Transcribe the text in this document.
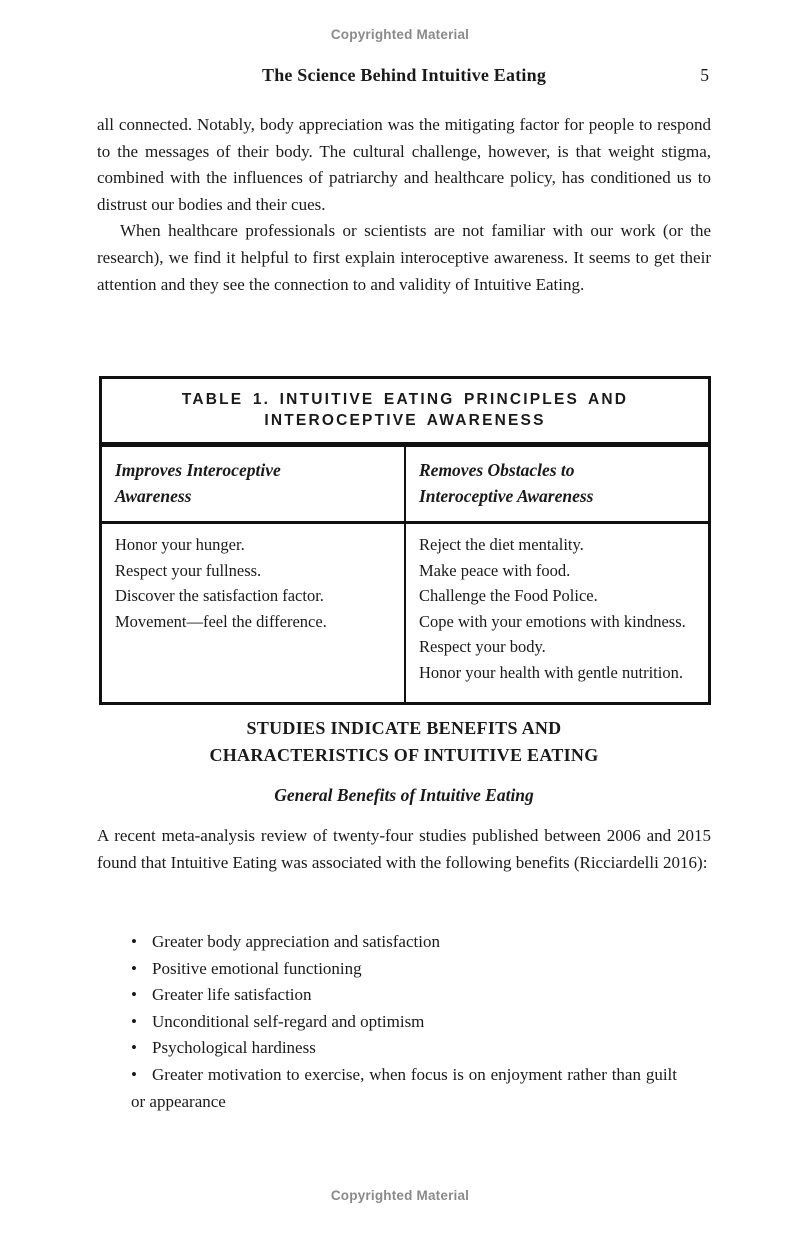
Copyrighted Material
The Science Behind Intuitive Eating	5

all connected. Notably, body appreciation was the mitigating factor for people to respond to the messages of their body. The cultural challenge, however, is that weight stigma, combined with the influences of patriarchy and healthcare policy, has conditioned us to distrust our bodies and their cues.

When healthcare professionals or scientists are not familiar with our work (or the research), we find it helpful to first explain interoceptive awareness. It seems to get their attention and they see the connection to and validity of Intuitive Eating.

TABLE 1. INTUITIVE EATING PRINCIPLES AND
INTEROCEPTIVE AWARENESS
Improves Interoceptive Awareness
Removes Obstacles to Interoceptive Awareness

Honor your hunger.

Respect your fullness.

Discover the satisfaction factor.

Movement—feel the difference.

Reject the diet mentality.

Make peace with food.

Challenge the Food Police.

Cope with your emotions with kindness.

Respect your body.

Honor your health with gentle nutrition.

STUDIES INDICATE BENEFITS AND
CHARACTERISTICS OF INTUITIVE EATING
General Benefits of Intuitive Eating

A recent meta-analysis review of twenty-four studies published between 2006 and 2015 found that Intuitive Eating was associated with the following benefits (Ricciardelli 2016):

• Greater body appreciation and satisfaction
• Positive emotional functioning
• Greater life satisfaction
• Unconditional self-regard and optimism
• Psychological hardiness
• Greater motivation to exercise, when focus is on enjoyment rather than guilt or appearance
Copyrighted Material
